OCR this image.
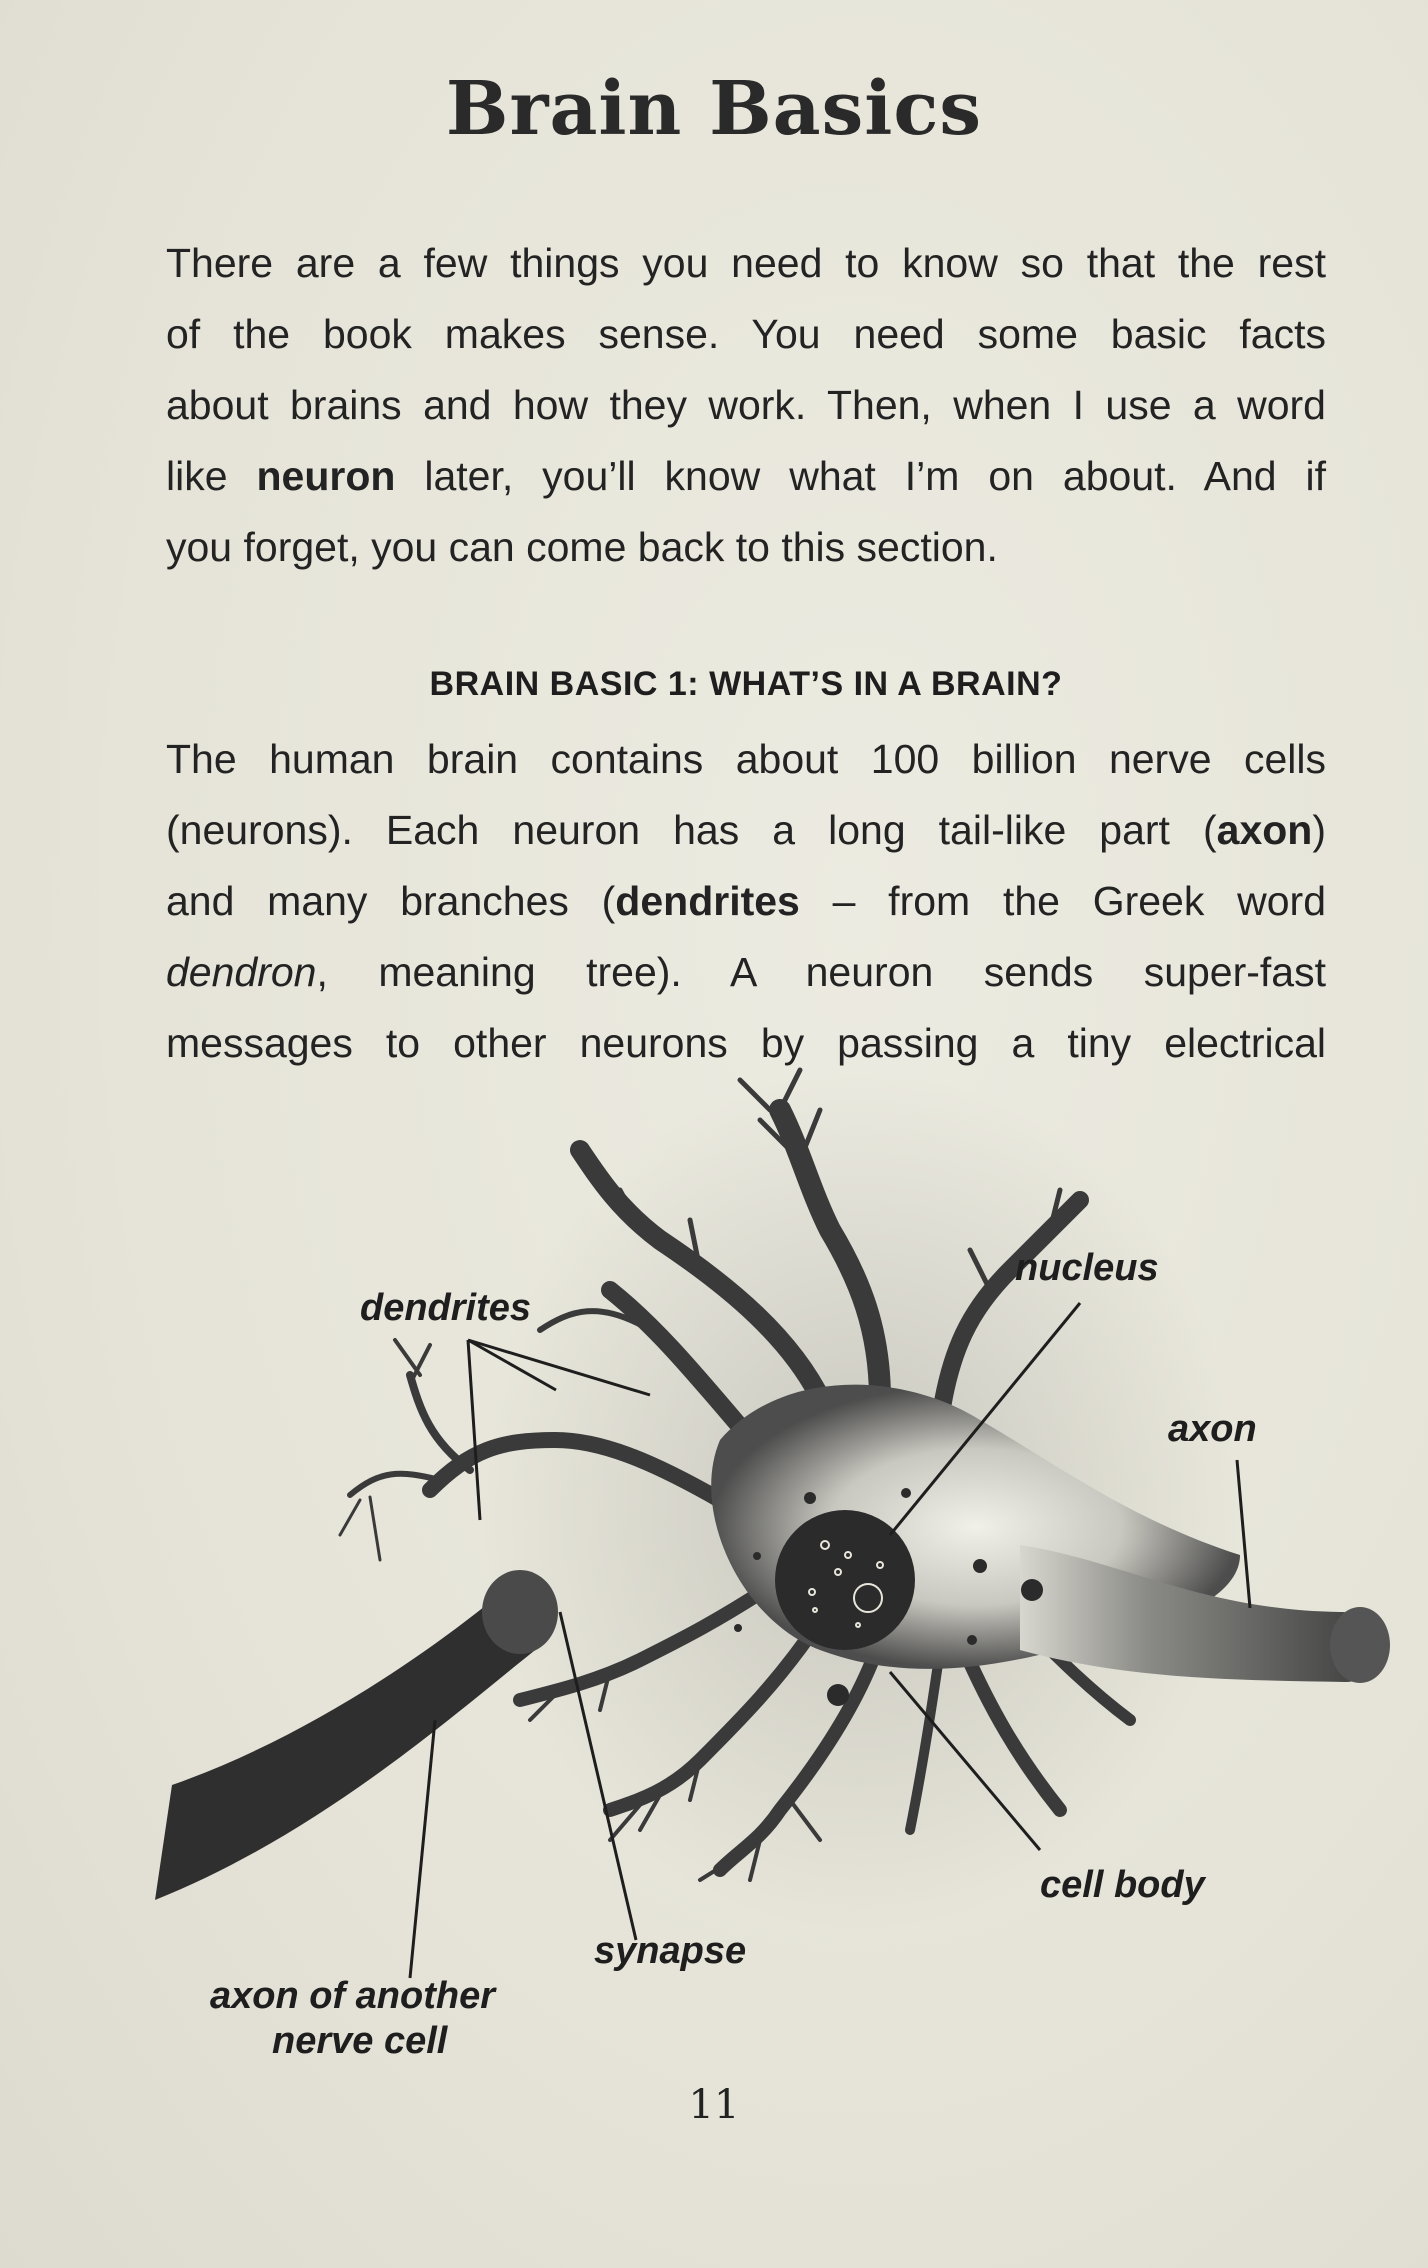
Brain Basics
There are a few things you need to know so that the rest
of the book makes sense. You need some basic facts
about brains and how they work. Then, when I use a word
like neuron later, you’ll know what I’m on about. And if
you forget, you can come back to this section.
BRAIN BASIC 1: WHAT’S IN A BRAIN?
The human brain contains about 100 billion nerve cells
(neurons). Each neuron has a long tail-like part (axon)
and many branches (dendrites – from the Greek word
dendron, meaning tree). A neuron sends super-fast
messages to other neurons by passing a tiny electrical
dendrites
nucleus
axon
cell body
synapse
axon of another
nerve cell
11
